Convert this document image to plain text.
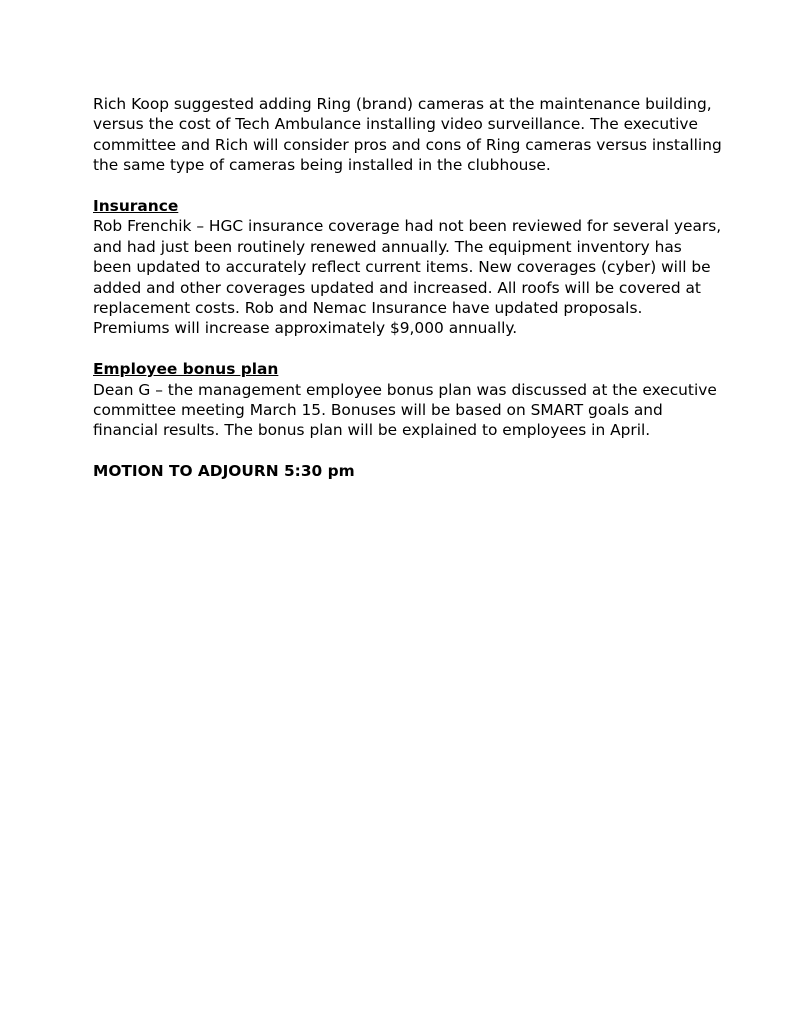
Rich Koop suggested adding Ring (brand) cameras at the maintenance building, versus the cost of Tech Ambulance installing video surveillance. The executive committee and Rich will consider pros and cons of Ring cameras versus installing the same type of cameras being installed in the clubhouse.

Insurance

Rob Frenchik – HGC insurance coverage had not been reviewed for several years, and had just been routinely renewed annually. The equipment inventory has been updated to accurately reflect current items. New coverages (cyber) will be added and other coverages updated and increased. All roofs will be covered at replacement costs. Rob and Nemac Insurance have updated proposals. Premiums will increase approximately $9,000 annually.

Employee bonus plan

Dean G – the management employee bonus plan was discussed at the executive committee meeting March 15. Bonuses will be based on SMART goals and financial results. The bonus plan will be explained to employees in April.

MOTION TO ADJOURN 5:30 pm
